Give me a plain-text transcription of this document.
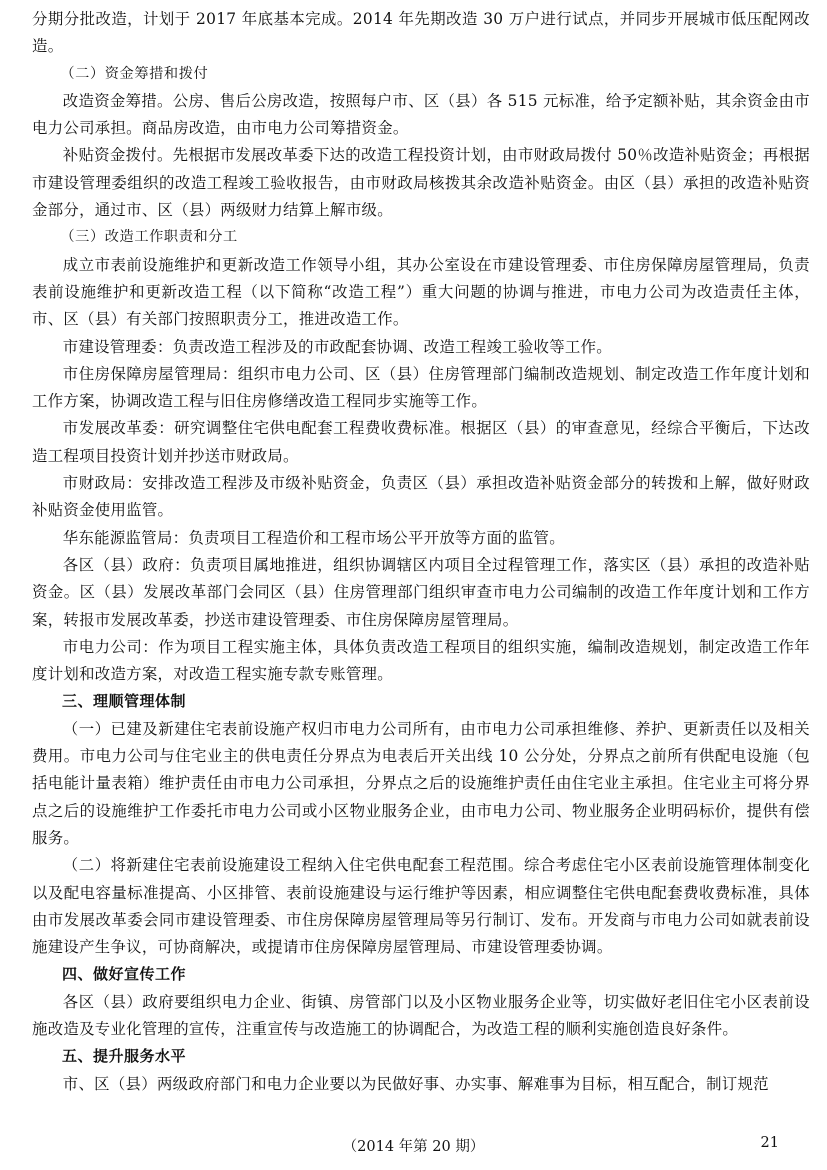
分期分批改造，计划于 2017 年底基本完成。2014 年先期改造 30 万户进行试点，并同步开展城市低压配网改造。

（二）资金筹措和拨付

改造资金筹措。公房、售后公房改造，按照每户市、区（县）各 515 元标准，给予定额补贴，其余资金由市电力公司承担。商品房改造，由市电力公司筹措资金。

补贴资金拨付。先根据市发展改革委下达的改造工程投资计划，由市财政局拨付 50％改造补贴资金；再根据市建设管理委组织的改造工程竣工验收报告，由市财政局核拨其余改造补贴资金。由区（县）承担的改造补贴资金部分，通过市、区（县）两级财力结算上解市级。

（三）改造工作职责和分工

成立市表前设施维护和更新改造工作领导小组，其办公室设在市建设管理委、市住房保障房屋管理局，负责表前设施维护和更新改造工程（以下简称“改造工程”）重大问题的协调与推进，市电力公司为改造责任主体，市、区（县）有关部门按照职责分工，推进改造工作。

市建设管理委：负责改造工程涉及的市政配套协调、改造工程竣工验收等工作。

市住房保障房屋管理局：组织市电力公司、区（县）住房管理部门编制改造规划、制定改造工作年度计划和工作方案，协调改造工程与旧住房修缮改造工程同步实施等工作。

市发展改革委：研究调整住宅供电配套工程费收费标准。根据区（县）的审查意见，经综合平衡后，下达改造工程项目投资计划并抄送市财政局。

市财政局：安排改造工程涉及市级补贴资金，负责区（县）承担改造补贴资金部分的转拨和上解，做好财政补贴资金使用监管。

华东能源监管局：负责项目工程造价和工程市场公平开放等方面的监管。

各区（县）政府：负责项目属地推进，组织协调辖区内项目全过程管理工作，落实区（县）承担的改造补贴资金。区（县）发展改革部门会同区（县）住房管理部门组织审查市电力公司编制的改造工作年度计划和工作方案，转报市发展改革委，抄送市建设管理委、市住房保障房屋管理局。

市电力公司：作为项目工程实施主体，具体负责改造工程项目的组织实施，编制改造规划，制定改造工作年度计划和改造方案，对改造工程实施专款专账管理。

三、理顺管理体制

（一）已建及新建住宅表前设施产权归市电力公司所有，由市电力公司承担维修、养护、更新责任以及相关费用。市电力公司与住宅业主的供电责任分界点为电表后开关出线 10 公分处，分界点之前所有供配电设施（包括电能计量表箱）维护责任由市电力公司承担，分界点之后的设施维护责任由住宅业主承担。住宅业主可将分界点之后的设施维护工作委托市电力公司或小区物业服务企业，由市电力公司、物业服务企业明码标价，提供有偿服务。

（二）将新建住宅表前设施建设工程纳入住宅供电配套工程范围。综合考虑住宅小区表前设施管理体制变化以及配电容量标准提高、小区排管、表前设施建设与运行维护等因素，相应调整住宅供电配套费收费标准，具体由市发展改革委会同市建设管理委、市住房保障房屋管理局等另行制订、发布。开发商与市电力公司如就表前设施建设产生争议，可协商解决，或提请市住房保障房屋管理局、市建设管理委协调。

四、做好宣传工作

各区（县）政府要组织电力企业、街镇、房管部门以及小区物业服务企业等，切实做好老旧住宅小区表前设施改造及专业化管理的宣传，注重宣传与改造施工的协调配合，为改造工程的顺利实施创造良好条件。

五、提升服务水平

市、区（县）两级政府部门和电力企业要以为民做好事、办实事、解难事为目标，相互配合，制订规范

（2014 年第 20 期）	21
